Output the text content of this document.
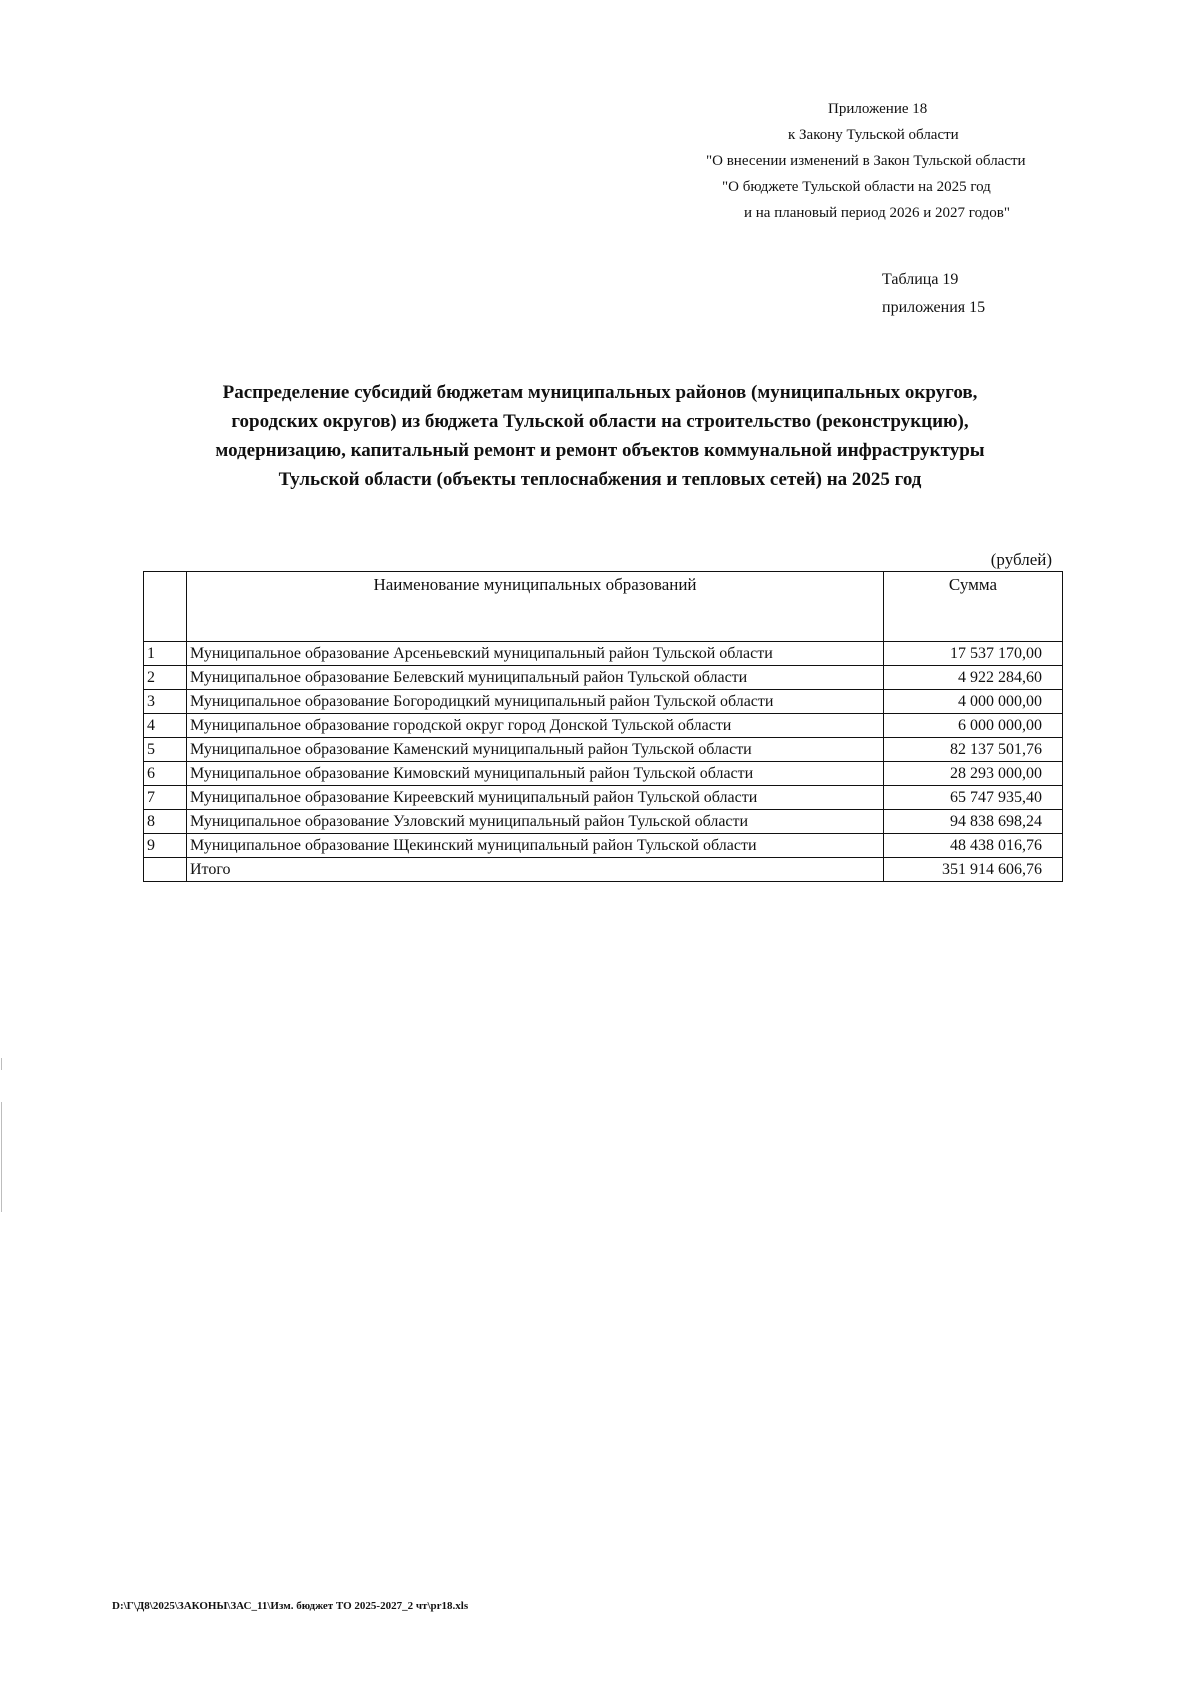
Приложение 18
к Закону Тульской области
"О внесении изменений в Закон Тульской области
"О бюджете Тульской области на 2025 год
и на плановый период 2026 и 2027 годов"
Таблица 19
приложения 15
Распределение субсидий бюджетам муниципальных районов (муниципальных округов,
городских округов) из бюджета Тульской области на строительство (реконструкцию),
модернизацию, капитальный ремонт и ремонт объектов коммунальной инфраструктуры
Тульской области (объекты теплоснабжения и тепловых сетей) на 2025 год
(рублей)
	Наименование муниципальных образований	Сумма
1	Муниципальное образование Арсеньевский муниципальный район Тульской области	17 537 170,00
2	Муниципальное образование Белевский муниципальный район Тульской области	4 922 284,60
3	Муниципальное образование Богородицкий муниципальный район Тульской области	4 000 000,00
4	Муниципальное образование городской округ город Донской Тульской области	6 000 000,00
5	Муниципальное образование Каменский муниципальный район Тульской области	82 137 501,76
6	Муниципальное образование Кимовский муниципальный район Тульской области	28 293 000,00
7	Муниципальное образование Киреевский муниципальный район Тульской области	65 747 935,40
8	Муниципальное образование Узловский муниципальный район Тульской области	94 838 698,24
9	Муниципальное образование Щекинский муниципальный район Тульской области	48 438 016,76
	Итого	351 914 606,76
D:\Г\Д8\2025\ЗАКОНЫ\ЗАС_11\Изм. бюджет ТО 2025-2027_2 чт\pr18.xls
